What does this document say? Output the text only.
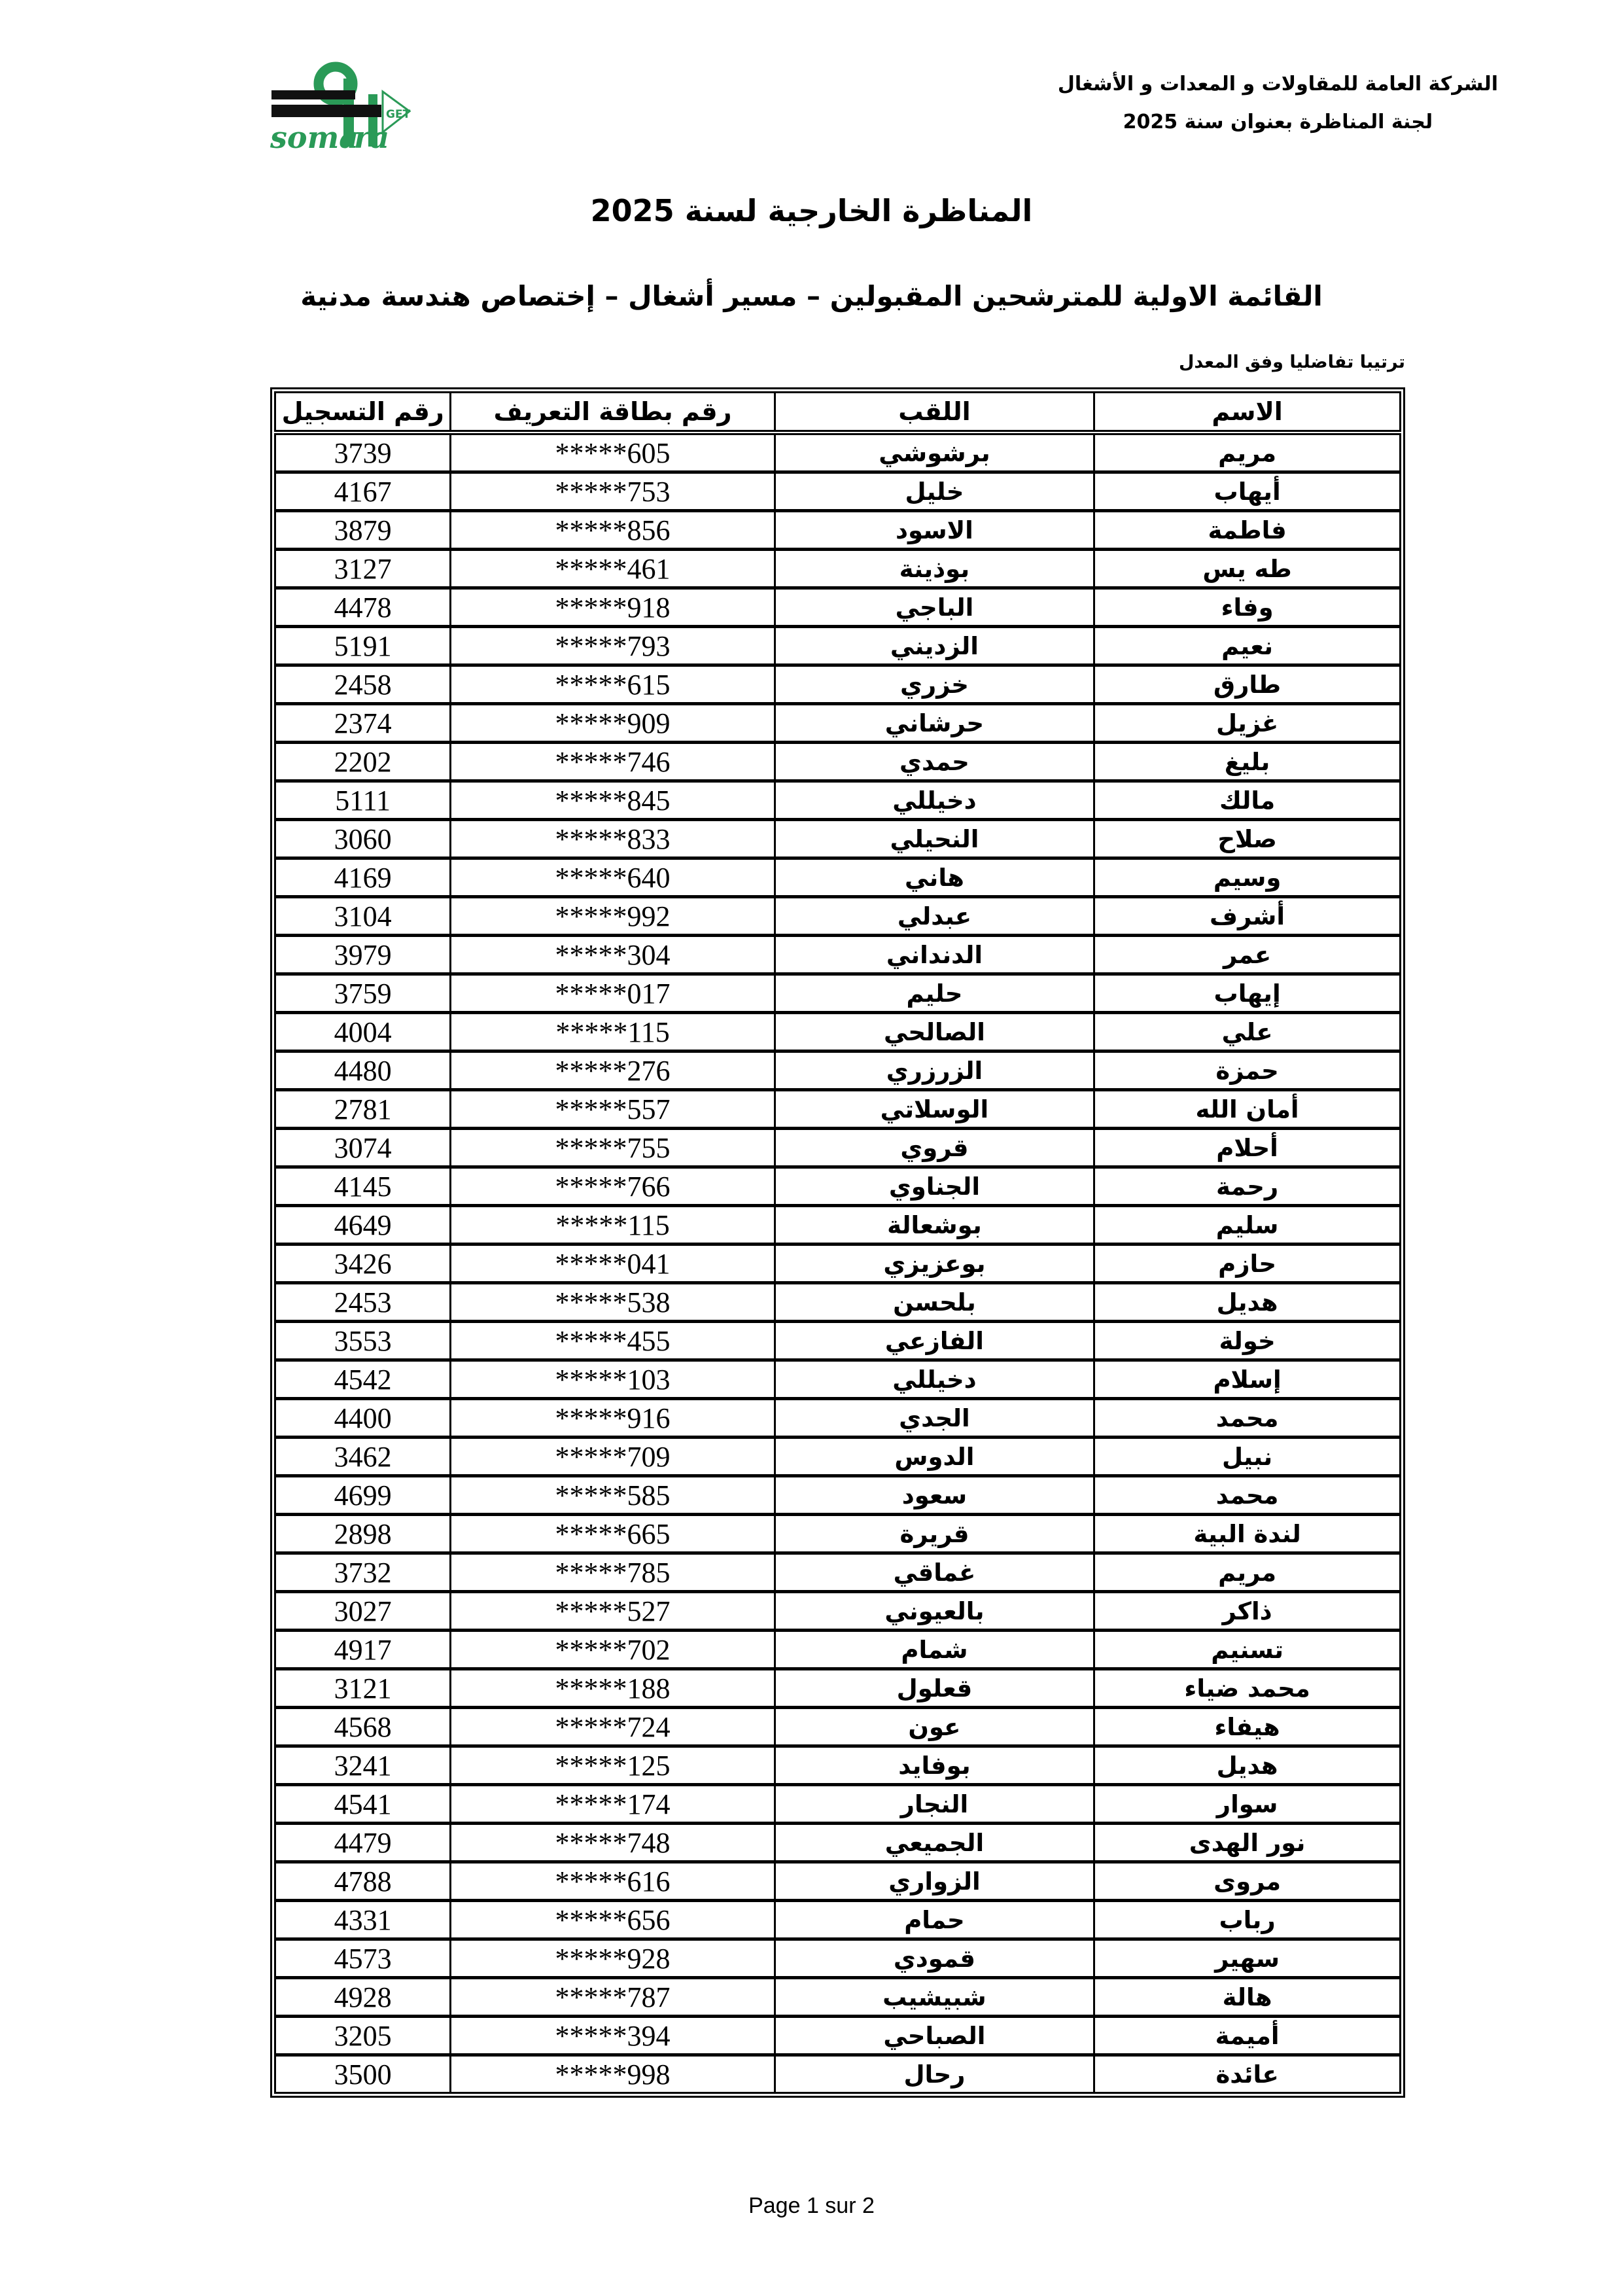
GET
soma
ra
الشركة العامة للمقاولات و المعدات و الأشغال
لجنة المناظرة بعنوان سنة 2025
المناظرة الخارجية لسنة 2025
القائمة الاولية للمترشحين المقبولين – مسير أشغال – إختصاص هندسة مدنية
ترتيبا تفاضليا وفق المعدل
الاسم	اللقب	رقم بطاقة التعريف	رقم التسجيل
مريم	برشوشي	*****605	3739
أيهاب	خليل	*****753	4167
فاطمة	الاسود	*****856	3879
طه يس	بوذينة	*****461	3127
وفاء	الباجي	*****918	4478
نعيم	الزديني	*****793	5191
طارق	خزري	*****615	2458
غزيل	حرشاني	*****909	2374
بليغ	حمدي	*****746	2202
مالك	دخيللي	*****845	5111
صلاح	النحيلي	*****833	3060
وسيم	هاني	*****640	4169
أشرف	عبدلي	*****992	3104
عمر	الدنداني	*****304	3979
إيهاب	حليم	*****017	3759
علي	الصالحي	*****115	4004
حمزة	الزرزري	*****276	4480
أمان الله	الوسلاتي	*****557	2781
أحلام	قروي	*****755	3074
رحمة	الجناوي	*****766	4145
سليم	بوشعالة	*****115	4649
حازم	بوعزيزي	*****041	3426
هديل	بلحسن	*****538	2453
خولة	الفازعي	*****455	3553
إسلام	دخيللي	*****103	4542
محمد	الجدي	*****916	4400
نبيل	الدوس	*****709	3462
محمد	سعود	*****585	4699
لندة البية	قريرة	*****665	2898
مريم	غماقي	*****785	3732
ذاكر	بالعيوني	*****527	3027
تسنيم	شمام	*****702	4917
محمد ضياء	قعلول	*****188	3121
هيفاء	عون	*****724	4568
هديل	بوفايد	*****125	3241
سوار	النجار	*****174	4541
نور الهدى	الجميعي	*****748	4479
مروى	الزواري	*****616	4788
رباب	حمام	*****656	4331
سهير	قمودي	*****928	4573
هالة	شبيشيب	*****787	4928
أميمة	الصباحي	*****394	3205
عائدة	رحال	*****998	3500
Page 1 sur 2
